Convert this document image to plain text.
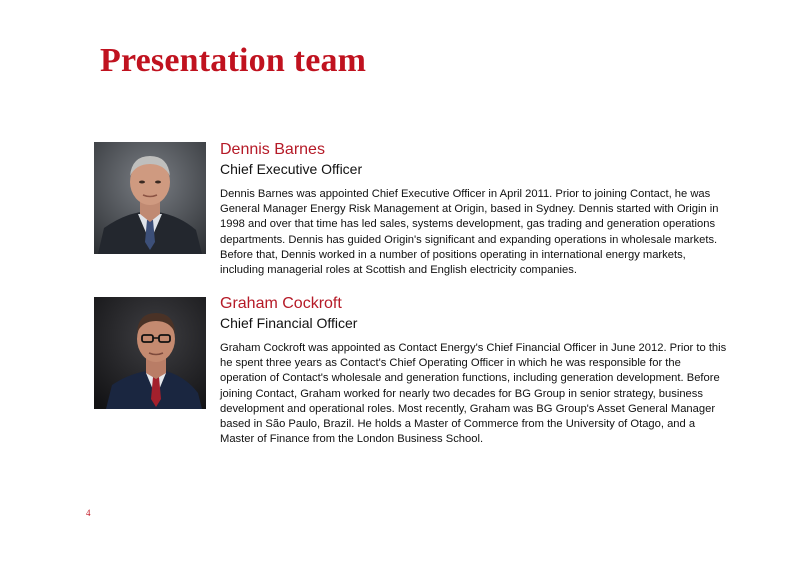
Presentation team
Dennis Barnes
Chief Executive Officer
Dennis Barnes was appointed Chief Executive Officer in April 2011. Prior to joining Contact, he was General Manager Energy Risk Management at Origin, based in Sydney. Dennis started with Origin in 1998 and over that time has led sales, systems development, gas trading and generation operations departments. Dennis has guided Origin's significant and expanding operations in wholesale markets. Before that, Dennis worked in a number of positions operating in international energy markets, including managerial roles at Scottish and English electricity companies.
Graham Cockroft
Chief Financial Officer
Graham Cockroft was appointed as Contact Energy's Chief Financial Officer in June 2012. Prior to this he spent three years as Contact's Chief Operating Officer in which he was responsible for the operation of Contact's wholesale and generation functions, including generation development. Before joining Contact, Graham worked for nearly two decades for BG Group in senior strategy, business development and operational roles. Most recently, Graham was BG Group's Asset General Manager based in São Paulo, Brazil. He holds a Master of Commerce from the University of Otago, and a Master of Finance from the London Business School.
4
